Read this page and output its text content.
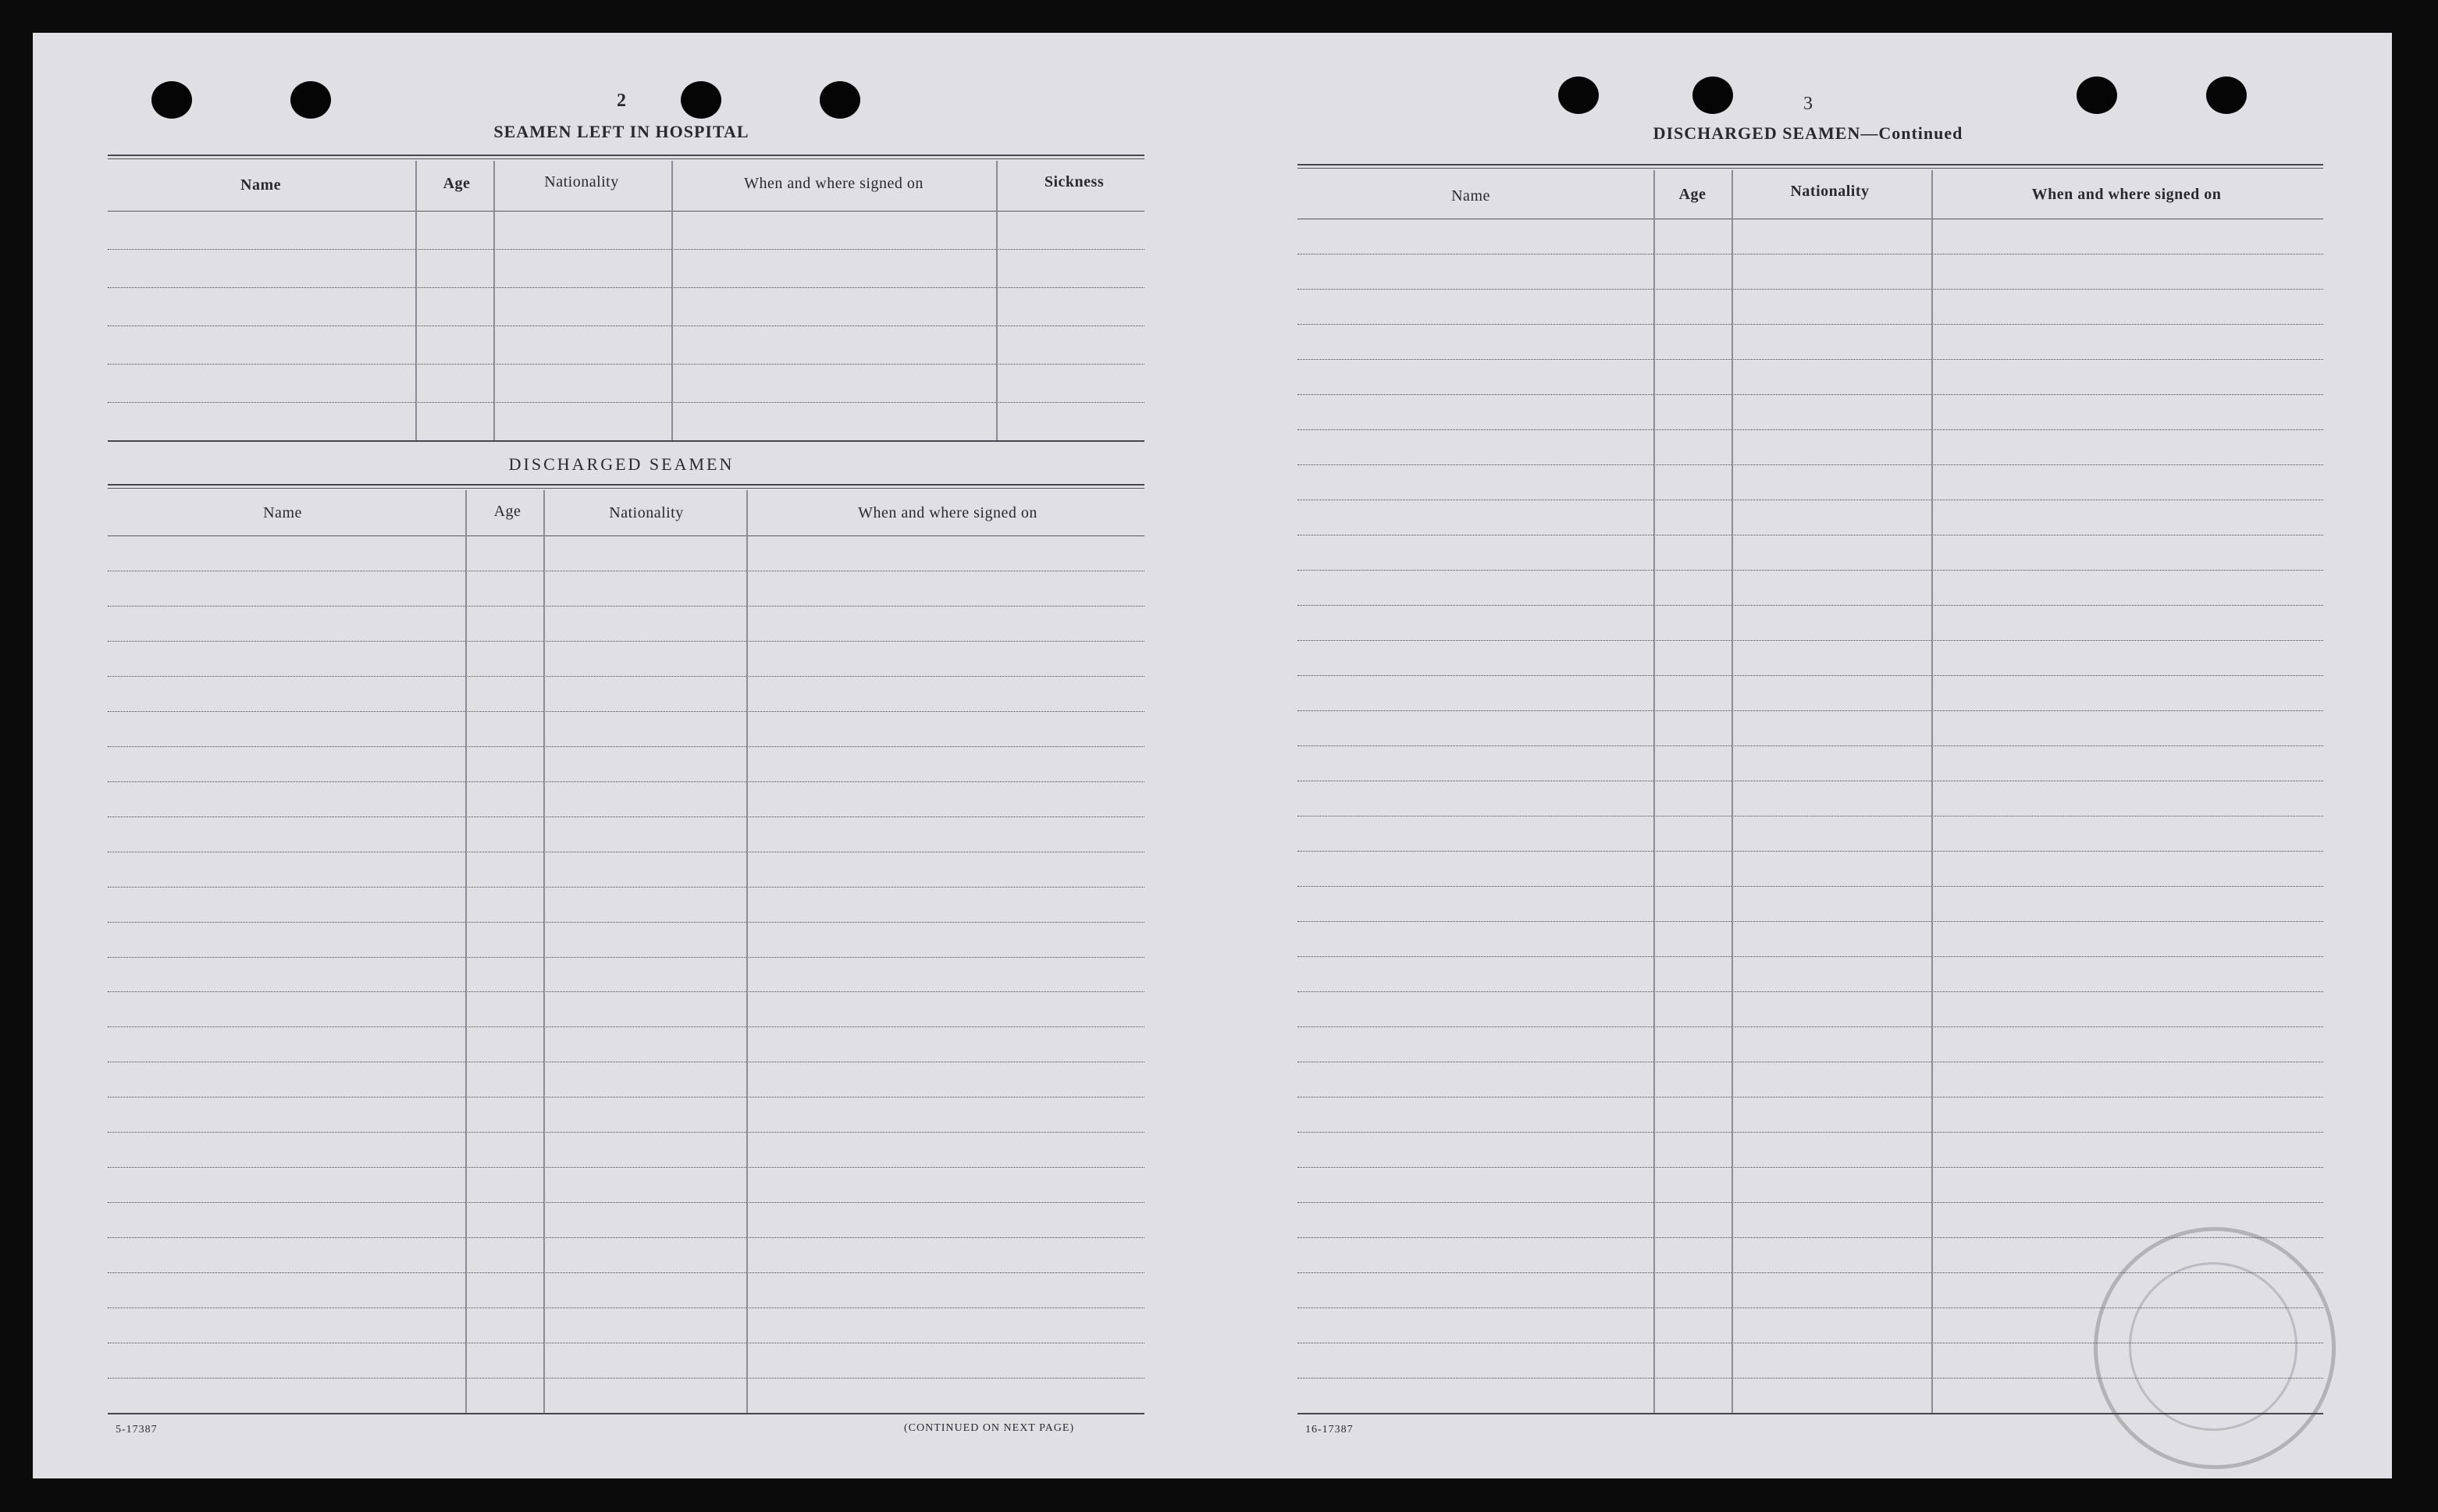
2
SEAMEN LEFT IN HOSPITAL
Name	Age	Nationality	When and where signed on	Sickness
DISCHARGED SEAMEN
Name	Age	Nationality	When and where signed on
5-17387	(CONTINUED ON NEXT PAGE)
3
DISCHARGED SEAMEN—Continued
Name	Age	Nationality	When and where signed on
16-17387
